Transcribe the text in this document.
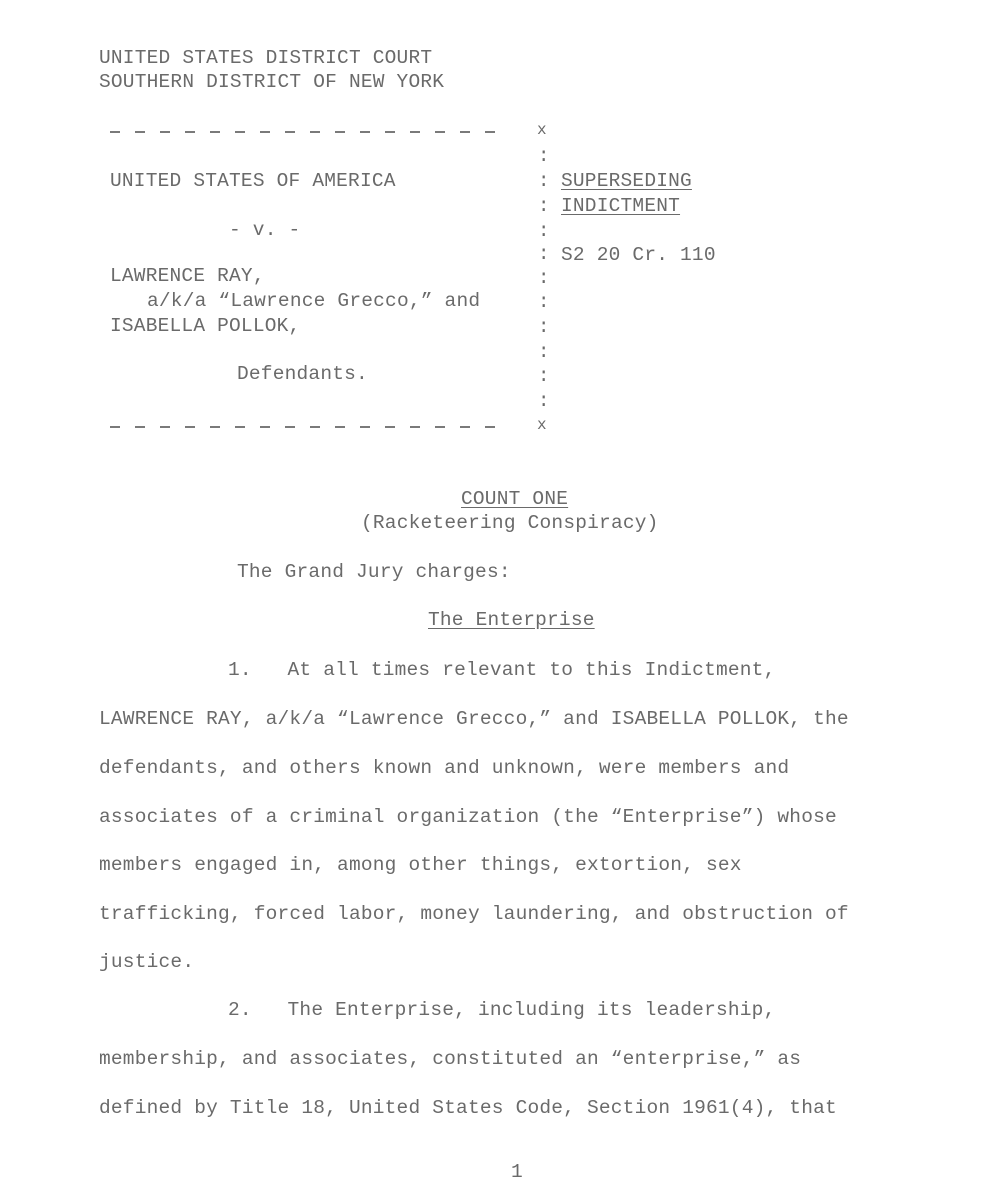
UNITED STATES DISTRICT COURT
SOUTHERN DISTRICT OF NEW YORK
x
:
:
:
:
:
:
:
:
:
:
:
UNITED STATES OF AMERICA
- v. -
LAWRENCE RAY,
a/k/a “Lawrence Grecco,” and
ISABELLA POLLOK,
Defendants.
x
SUPERSEDING
INDICTMENT
S2 20 Cr. 110
COUNT ONE
(Racketeering Conspiracy)
The Grand Jury charges:
The Enterprise
1.   At all times relevant to this Indictment,
LAWRENCE RAY, a/k/a “Lawrence Grecco,” and ISABELLA POLLOK, the
defendants, and others known and unknown, were members and
associates of a criminal organization (the “Enterprise”) whose
members engaged in, among other things, extortion, sex
trafficking, forced labor, money laundering, and obstruction of
justice.
2.   The Enterprise, including its leadership,
membership, and associates, constituted an “enterprise,” as
defined by Title 18, United States Code, Section 1961(4), that
1
